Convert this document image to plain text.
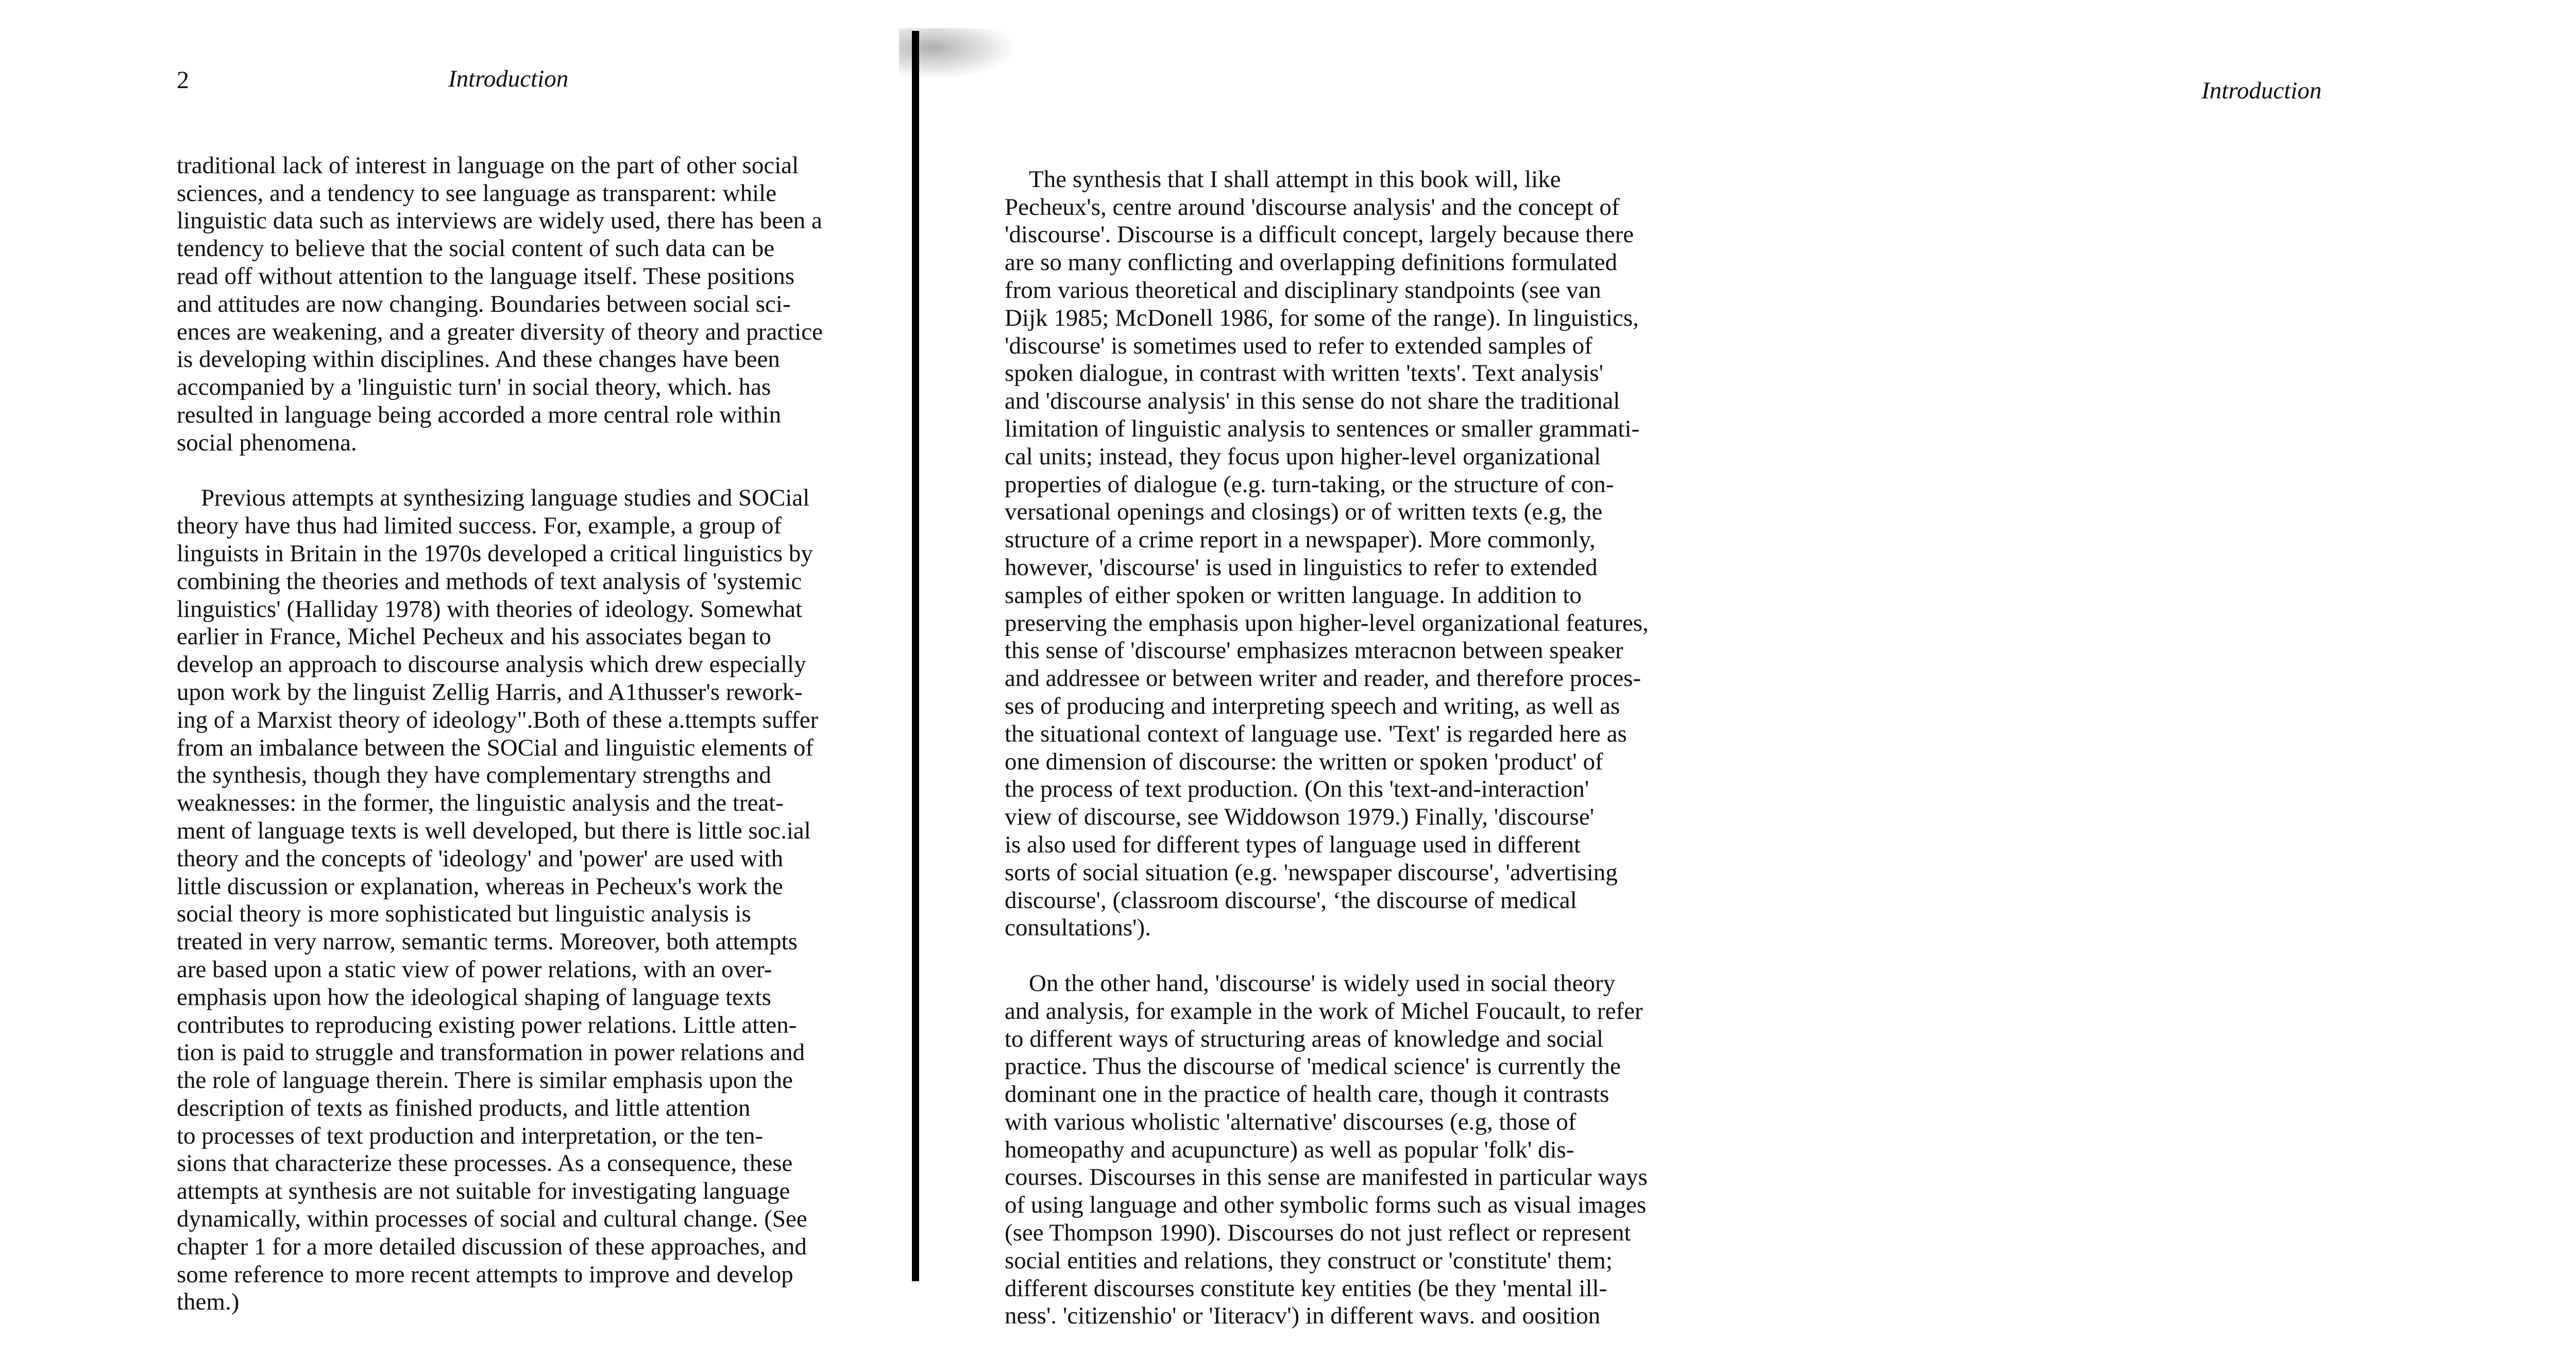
2	Introduction

traditional lack of interest in language on the part of other social
sciences, and a tendency to see language as transparent: while
linguistic data such as interviews are widely used, there has been a
tendency to believe that the social content of such data can be
read off without attention to the language itself. These positions
and attitudes are now changing. Boundaries between social sci-
ences are weakening, and a greater diversity of theory and practice
is developing within disciplines. And these changes have been
accompanied by a 'linguistic turn' in social theory, which. has
resulted in language being accorded a more central role within
social phenomena.

Previous attempts at synthesizing language studies and SOCial
theory have thus had limited success. For, example, a group of
linguists in Britain in the 1970s developed a critical linguistics by
combining the theories and methods of text analysis of 'systemic
linguistics' (Halliday 1978) with theories of ideology. Somewhat
earlier in France, Michel Pecheux and his associates began to
develop an approach to discourse analysis which drew especially
upon work by the linguist Zellig Harris, and A1thusser's rework-
ing of a Marxist theory of ideology".Both of these a.ttempts suffer
from an imbalance between the SOCial and linguistic elements of
the synthesis, though they have complementary strengths and
weaknesses: in the former, the linguistic analysis and the treat-
ment of language texts is well developed, but there is little soc.ial
theory and the concepts of 'ideology' and 'power' are used with
little discussion or explanation, whereas in Pecheux's work the
social theory is more sophisticated but linguistic analysis is
treated in very narrow, semantic terms. Moreover, both attempts
are based upon a static view of power relations, with an over-
emphasis upon how the ideological shaping of language texts
contributes to reproducing existing power relations. Little atten-
tion is paid to struggle and transformation in power relations and
the role of language therein. There is similar emphasis upon the
description of texts as finished products, and little attention
to processes of text production and interpretation, or the ten-
sions that characterize these processes. As a consequence, these
attempts at synthesis are not suitable for investigating language
dynamically, within processes of social and cultural change. (See
chapter 1 for a more detailed discussion of these approaches, and
some reference to more recent attempts to improve and develop
them.)

Introduction

The synthesis that I shall attempt in this book will, like
Pecheux's, centre around 'discourse analysis' and the concept of
'discourse'. Discourse is a difficult concept, largely because there
are so many conflicting and overlapping definitions formulated
from various theoretical and disciplinary standpoints (see van
Dijk 1985; McDonell 1986, for some of the range). In linguistics,
'discourse' is sometimes used to refer to extended samples of
spoken dialogue, in contrast with written 'texts'. Text analysis'
and 'discourse analysis' in this sense do not share the traditional
limitation of linguistic analysis to sentences or smaller grammati-
cal units; instead, they focus upon higher-level organizational
properties of dialogue (e.g. turn-taking, or the structure of con-
versational openings and closings) or of written texts (e.g, the
structure of a crime report in a newspaper). More commonly,
however, 'discourse' is used in linguistics to refer to extended
samples of either spoken or written language. In addition to
preserving the emphasis upon higher-level organizational features,
this sense of 'discourse' emphasizes mteracnon between speaker
and addressee or between writer and reader, and therefore proces-
ses of producing and interpreting speech and writing, as well as
the situational context of language use. 'Text' is regarded here as
one dimension of discourse: the written or spoken 'product' of
the process of text production. (On this 'text-and-interaction'
view of discourse, see Widdowson 1979.) Finally, 'discourse'
is also used for different types of language used in different
sorts of social situation (e.g. 'newspaper discourse', 'advertising
discourse', (classroom discourse', ‘the discourse of medical
consultations').

On the other hand, 'discourse' is widely used in social theory
and analysis, for example in the work of Michel Foucault, to refer
to different ways of structuring areas of knowledge and social
practice. Thus the discourse of 'medical science' is currently the
dominant one in the practice of health care, though it contrasts
with various wholistic 'alternative' discourses (e.g, those of
homeopathy and acupuncture) as well as popular 'folk' dis-
courses. Discourses in this sense are manifested in particular ways
of using language and other symbolic forms such as visual images
(see Thompson 1990). Discourses do not just reflect or represent
social entities and relations, they construct or 'constitute' them;
different discourses constitute key entities (be they 'mental ill-
ness'. 'citizenshio' or 'Iiteracv') in different wavs. and oosition
